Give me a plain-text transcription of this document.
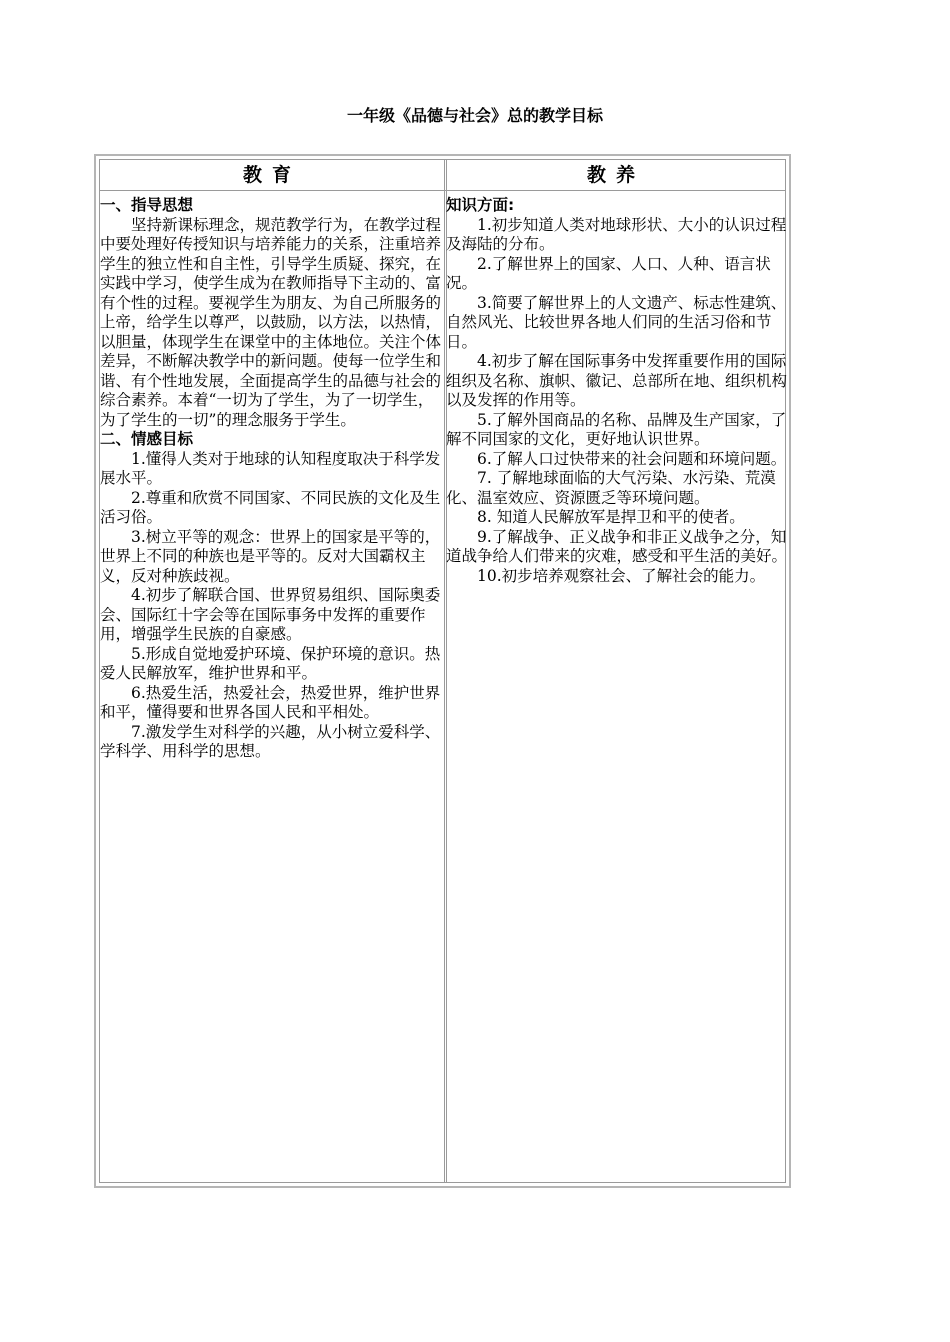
一年级《品德与社会》总的教学目标
教育	教养

一、指导思想

坚持新课标理念，规范教学行为，在教学过程中要处理好传授知识与培养能力的关系，注重培养学生的独立性和自主性，引导学生质疑、探究，在实践中学习，使学生成为在教师指导下主动的、富有个性的过程。要视学生为朋友、为自己所服务的上帝，给学生以尊严，以鼓励，以方法，以热情，以胆量，体现学生在课堂中的主体地位。关注个体差异，不断解决教学中的新问题。使每一位学生和谐、有个性地发展，全面提高学生的品德与社会的综合素养。本着“一切为了学生，为了一切学生，为了学生的一切”的理念服务于学生。

二、情感目标

1.懂得人类对于地球的认知程度取决于科学发展水平。

2.尊重和欣赏不同国家、不同民族的文化及生活习俗。

3.树立平等的观念：世界上的国家是平等的，世界上不同的种族也是平等的。反对大国霸权主义，反对种族歧视。

4.初步了解联合国、世界贸易组织、国际奥委会、国际红十字会等在国际事务中发挥的重要作用，增强学生民族的自豪感。

5.形成自觉地爱护环境、保护环境的意识。热爱人民解放军，维护世界和平。

6.热爱生活，热爱社会，热爱世界，维护世界和平，懂得要和世界各国人民和平相处。

7.激发学生对科学的兴趣，从小树立爱科学、学科学、用科学的思想。

知识方面:

1.初步知道人类对地球形状、大小的认识过程及海陆的分布。

2.了解世界上的国家、人口、人种、语言状况。

3.简要了解世界上的人文遗产、标志性建筑、自然风光、比较世界各地人们同的生活习俗和节日。

4.初步了解在国际事务中发挥重要作用的国际组织及名称、旗帜、徽记、总部所在地、组织机构以及发挥的作用等。

5.了解外国商品的名称、品牌及生产国家，了解不同国家的文化，更好地认识世界。

6.了解人口过快带来的社会问题和环境问题。

7. 了解地球面临的大气污染、水污染、荒漠化、温室效应、资源匮乏等环境问题。

8. 知道人民解放军是捍卫和平的使者。

9.了解战争、正义战争和非正义战争之分，知道战争给人们带来的灾难，感受和平生活的美好。

10.初步培养观察社会、了解社会的能力。
